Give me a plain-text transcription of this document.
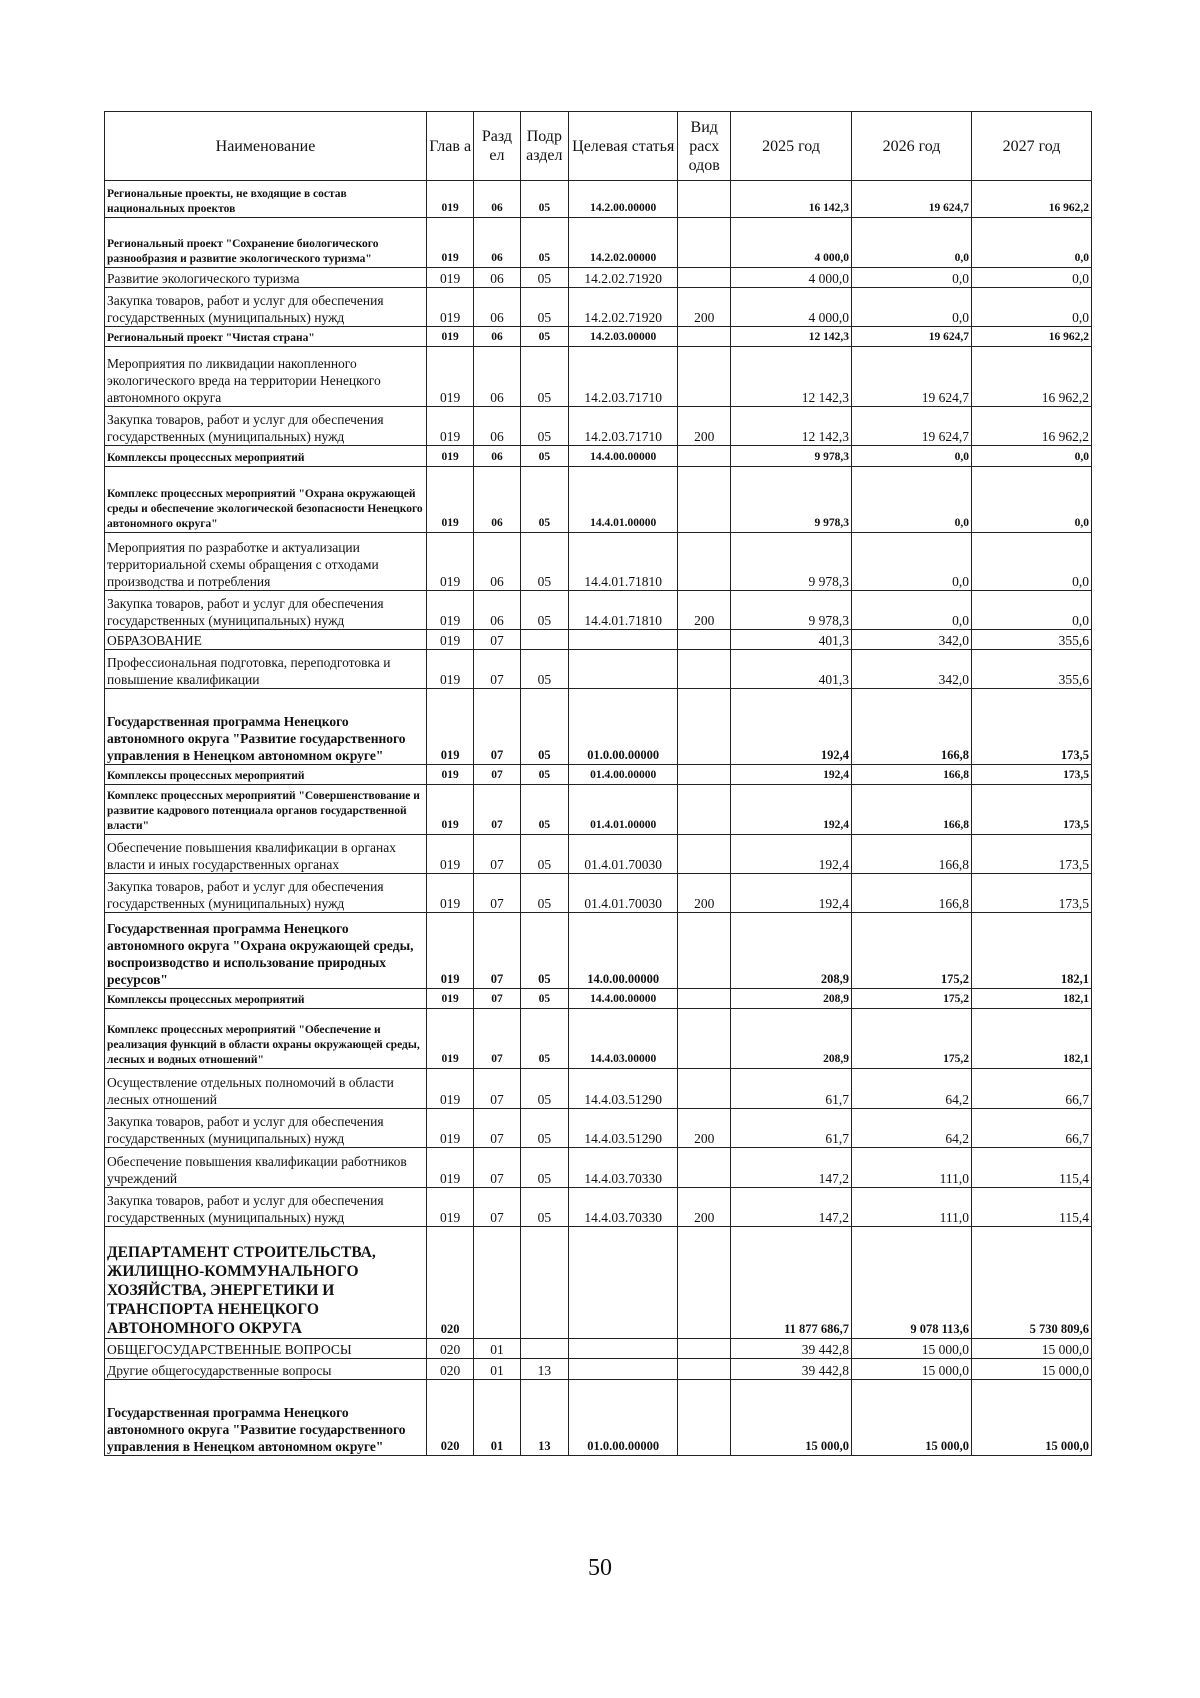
Наименование	Глав а	Разд ел	Подр аздел	Целевая статья	Вид расх одов	2025 год	2026 год	2027 год
Региональные проекты, не входящие в состав национальных проектов	019	06	05	14.2.00.00000		16 142,3	19 624,7	16 962,2
Региональный проект "Сохранение биологического разнообразия и развитие экологического туризма"	019	06	05	14.2.02.00000		4 000,0	0,0	0,0
Развитие экологического туризма	019	06	05	14.2.02.71920		4 000,0	0,0	0,0
Закупка товаров, работ и услуг для обеспечения государственных (муниципальных) нужд	019	06	05	14.2.02.71920	200	4 000,0	0,0	0,0
Региональный проект "Чистая страна"	019	06	05	14.2.03.00000		12 142,3	19 624,7	16 962,2
Мероприятия по ликвидации накопленного экологического вреда на территории Ненецкого автономного округа	019	06	05	14.2.03.71710		12 142,3	19 624,7	16 962,2
Закупка товаров, работ и услуг для обеспечения государственных (муниципальных) нужд	019	06	05	14.2.03.71710	200	12 142,3	19 624,7	16 962,2
Комплексы процессных мероприятий	019	06	05	14.4.00.00000		9 978,3	0,0	0,0
Комплекс процессных мероприятий "Охрана окружающей среды и обеспечение экологической безопасности Ненецкого автономного округа"	019	06	05	14.4.01.00000		9 978,3	0,0	0,0
Мероприятия по разработке и актуализации территориальной схемы обращения с отходами производства и потребления	019	06	05	14.4.01.71810		9 978,3	0,0	0,0
Закупка товаров, работ и услуг для обеспечения государственных (муниципальных) нужд	019	06	05	14.4.01.71810	200	9 978,3	0,0	0,0
ОБРАЗОВАНИЕ	019	07				401,3	342,0	355,6
Профессиональная подготовка, переподготовка и повышение квалификации	019	07	05			401,3	342,0	355,6
Государственная программа Ненецкого автономного округа "Развитие государственного управления в Ненецком автономном округе"	019	07	05	01.0.00.00000		192,4	166,8	173,5
Комплексы процессных мероприятий	019	07	05	01.4.00.00000		192,4	166,8	173,5
Комплекс процессных мероприятий "Совершенствование и развитие кадрового потенциала органов государственной власти"	019	07	05	01.4.01.00000		192,4	166,8	173,5
Обеспечение повышения квалификации в органах власти и иных государственных органах	019	07	05	01.4.01.70030		192,4	166,8	173,5
Закупка товаров, работ и услуг для обеспечения государственных (муниципальных) нужд	019	07	05	01.4.01.70030	200	192,4	166,8	173,5
Государственная программа Ненецкого автономного округа "Охрана окружающей среды, воспроизводство и использование природных ресурсов"	019	07	05	14.0.00.00000		208,9	175,2	182,1
Комплексы процессных мероприятий	019	07	05	14.4.00.00000		208,9	175,2	182,1
Комплекс процессных мероприятий "Обеспечение и реализация функций в области охраны окружающей среды, лесных и водных отношений"	019	07	05	14.4.03.00000		208,9	175,2	182,1
Осуществление отдельных полномочий в области лесных отношений	019	07	05	14.4.03.51290		61,7	64,2	66,7
Закупка товаров, работ и услуг для обеспечения государственных (муниципальных) нужд	019	07	05	14.4.03.51290	200	61,7	64,2	66,7
Обеспечение повышения квалификации работников учреждений	019	07	05	14.4.03.70330		147,2	111,0	115,4
Закупка товаров, работ и услуг для обеспечения государственных (муниципальных) нужд	019	07	05	14.4.03.70330	200	147,2	111,0	115,4
ДЕПАРТАМЕНТ СТРОИТЕЛЬСТВА, ЖИЛИЩНО-КОММУНАЛЬНОГО ХОЗЯЙСТВА, ЭНЕРГЕТИКИ И ТРАНСПОРТА НЕНЕЦКОГО АВТОНОМНОГО ОКРУГА	020					11 877 686,7	9 078 113,6	5 730 809,6
ОБЩЕГОСУДАРСТВЕННЫЕ ВОПРОСЫ	020	01				39 442,8	15 000,0	15 000,0
Другие общегосударственные вопросы	020	01	13			39 442,8	15 000,0	15 000,0
Государственная программа Ненецкого автономного округа "Развитие государственного управления в Ненецком автономном округе"	020	01	13	01.0.00.00000		15 000,0	15 000,0	15 000,0
50
